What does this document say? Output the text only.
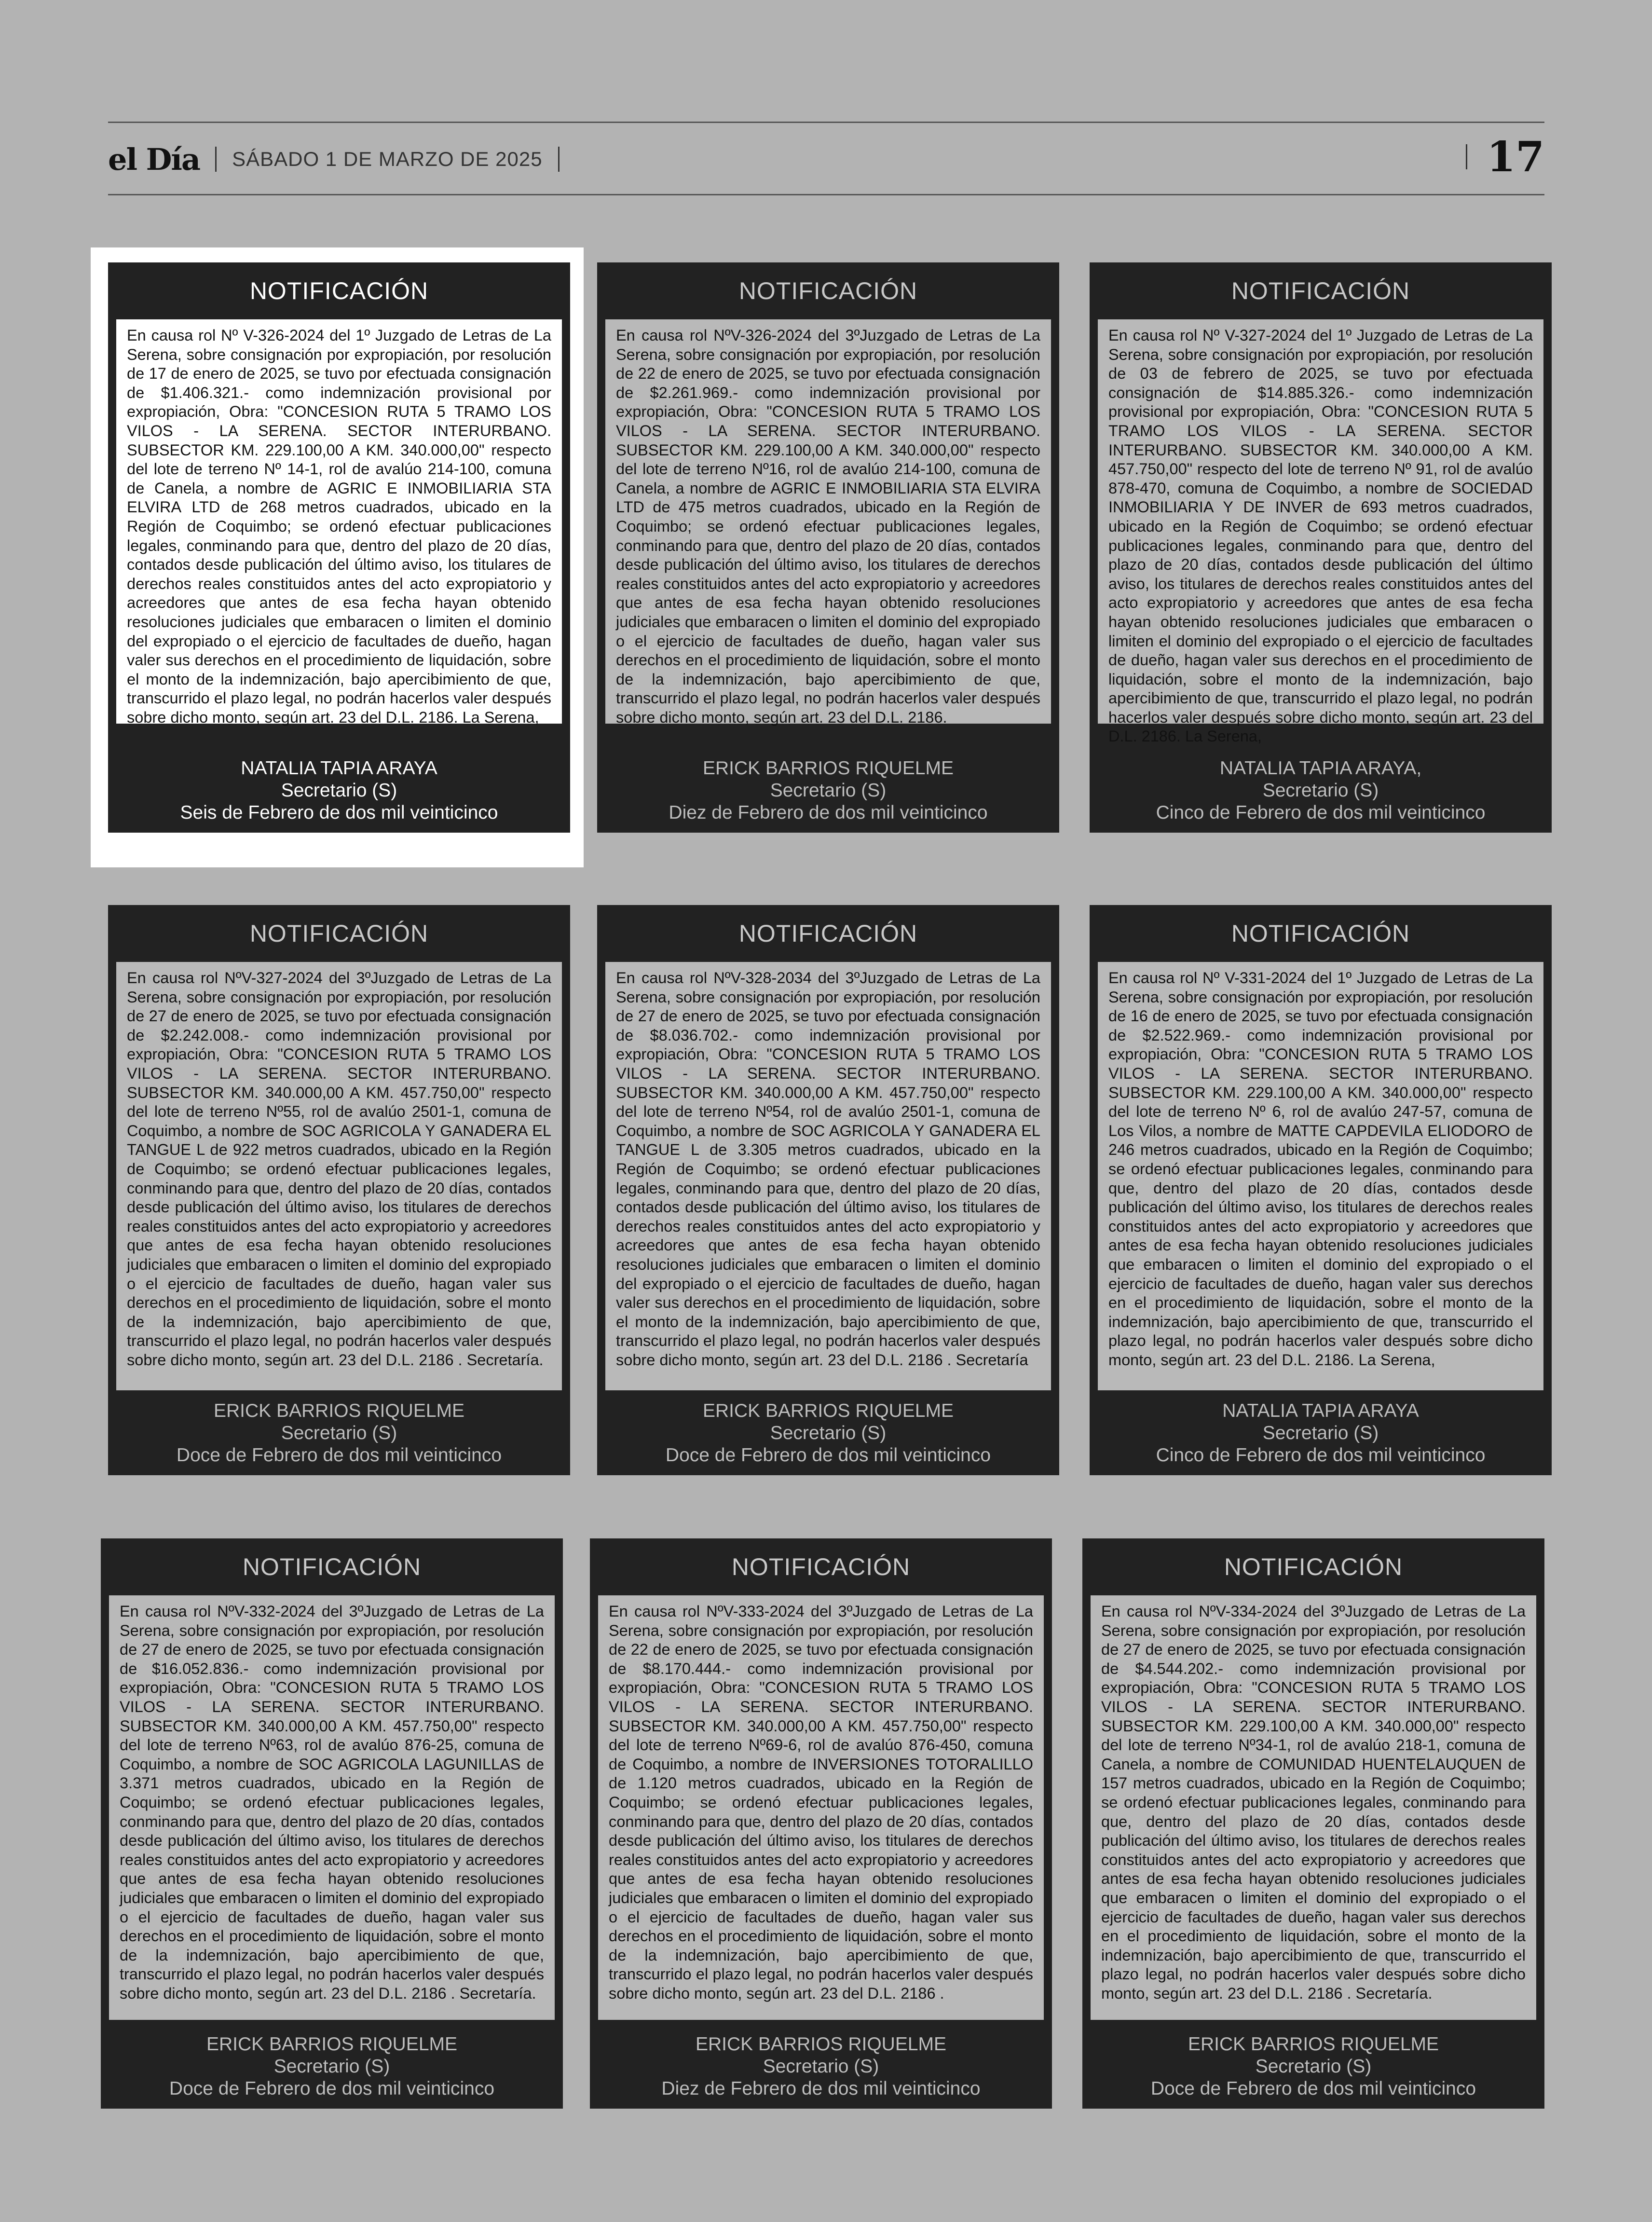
el Día SÁBADO 1 DE MARZO DE 2025	17
NOTIFICACIÓN
En causa rol Nº V-326-2024 del 1º Juzgado de Letras de La Serena, sobre consignación por expropiación, por resolución de 17 de enero de 2025, se tuvo por efectuada consignación de $1.406.321.- como indemnización provisional por expropiación, Obra: "CONCESION RUTA 5 TRAMO LOS VILOS - LA SERENA. SECTOR INTERURBANO. SUBSECTOR KM. 229.100,00 A KM. 340.000,00" respecto del lote de terreno Nº 14-1, rol de avalúo 214-100, comuna de Canela, a nombre de AGRIC E INMOBILIARIA STA ELVIRA LTD de 268 metros cuadrados, ubicado en la Región de Coquimbo; se ordenó efectuar publicaciones legales, conminando para que, dentro del plazo de 20 días, contados desde publicación del último aviso, los titulares de derechos reales constituidos antes del acto expropiatorio y acreedores que antes de esa fecha hayan obtenido resoluciones judiciales que embaracen o limiten el dominio del expropiado o el ejercicio de facultades de dueño, hagan valer sus derechos en el procedimiento de liquidación, sobre el monto de la indemnización, bajo apercibimiento de que, transcurrido el plazo legal, no podrán hacerlos valer después sobre dicho monto, según art. 23 del D.L. 2186. La Serena,
NATALIA TAPIA ARAYA
Secretario (S)
Seis de Febrero de dos mil veinticinco
NOTIFICACIÓN
En causa rol NºV-326-2024 del 3ºJuzgado de Letras de La Serena, sobre consignación por expropiación, por resolución de 22 de enero de 2025, se tuvo por efectuada consignación de $2.261.969.- como indemnización provisional por expropiación, Obra: "CONCESION RUTA 5 TRAMO LOS VILOS - LA SERENA. SECTOR INTERURBANO. SUBSECTOR KM. 229.100,00 A KM. 340.000,00" respecto del lote de terreno Nº16, rol de avalúo 214-100, comuna de Canela, a nombre de AGRIC E INMOBILIARIA STA ELVIRA LTD de 475 metros cuadrados, ubicado en la Región de Coquimbo; se ordenó efectuar publicaciones legales, conminando para que, dentro del plazo de 20 días, contados desde publicación del último aviso, los titulares de derechos reales constituidos antes del acto expropiatorio y acreedores que antes de esa fecha hayan obtenido resoluciones judiciales que embaracen o limiten el dominio del expropiado o el ejercicio de facultades de dueño, hagan valer sus derechos en el procedimiento de liquidación, sobre el monto de la indemnización, bajo apercibimiento de que, transcurrido el plazo legal, no podrán hacerlos valer después sobre dicho monto, según art. 23 del D.L. 2186.
ERICK BARRIOS RIQUELME
Secretario (S)
Diez de Febrero de dos mil veinticinco
NOTIFICACIÓN
En causa rol Nº V-327-2024 del 1º Juzgado de Letras de La Serena, sobre consignación por expropiación, por resolución de 03 de febrero de 2025, se tuvo por efectuada consignación de $14.885.326.- como indemnización provisional por expropiación, Obra: "CONCESION RUTA 5 TRAMO LOS VILOS - LA SERENA. SECTOR INTERURBANO. SUBSECTOR KM. 340.000,00 A KM. 457.750,00" respecto del lote de terreno Nº 91, rol de avalúo 878-470, comuna de Coquimbo, a nombre de SOCIEDAD INMOBILIARIA Y DE INVER de 693 metros cuadrados, ubicado en la Región de Coquimbo; se ordenó efectuar publicaciones legales, conminando para que, dentro del plazo de 20 días, contados desde publicación del último aviso, los titulares de derechos reales constituidos antes del acto expropiatorio y acreedores que antes de esa fecha hayan obtenido resoluciones judiciales que embaracen o limiten el dominio del expropiado o el ejercicio de facultades de dueño, hagan valer sus derechos en el procedimiento de liquidación, sobre el monto de la indemnización, bajo apercibimiento de que, transcurrido el plazo legal, no podrán hacerlos valer después sobre dicho monto, según art. 23 del D.L. 2186. La Serena,
NATALIA TAPIA ARAYA,
Secretario (S)
Cinco de Febrero de dos mil veinticinco
NOTIFICACIÓN
En causa rol NºV-327-2024 del 3ºJuzgado de Letras de La Serena, sobre consignación por expropiación, por resolución de 27 de enero de 2025, se tuvo por efectuada consignación de $2.242.008.- como indemnización provisional por expropiación, Obra: "CONCESION RUTA 5 TRAMO LOS VILOS - LA SERENA. SECTOR INTERURBANO. SUBSECTOR KM. 340.000,00 A KM. 457.750,00" respecto del lote de terreno Nº55, rol de avalúo 2501-1, comuna de Coquimbo, a nombre de SOC AGRICOLA Y GANADERA EL TANGUE L de 922 metros cuadrados, ubicado en la Región de Coquimbo; se ordenó efectuar publicaciones legales, conminando para que, dentro del plazo de 20 días, contados desde publicación del último aviso, los titulares de derechos reales constituidos antes del acto expropiatorio y acreedores que antes de esa fecha hayan obtenido resoluciones judiciales que embaracen o limiten el dominio del expropiado o el ejercicio de facultades de dueño, hagan valer sus derechos en el procedimiento de liquidación, sobre el monto de la indemnización, bajo apercibimiento de que, transcurrido el plazo legal, no podrán hacerlos valer después sobre dicho monto, según art. 23 del D.L. 2186 . Secretaría.
ERICK BARRIOS RIQUELME
Secretario (S)
Doce de Febrero de dos mil veinticinco
NOTIFICACIÓN
En causa rol NºV-328-2034 del 3ºJuzgado de Letras de La Serena, sobre consignación por expropiación, por resolución de 27 de enero de 2025, se tuvo por efectuada consignación de $8.036.702.- como indemnización provisional por expropiación, Obra: "CONCESION RUTA 5 TRAMO LOS VILOS - LA SERENA. SECTOR INTERURBANO. SUBSECTOR KM. 340.000,00 A KM. 457.750,00" respecto del lote de terreno Nº54, rol de avalúo 2501-1, comuna de Coquimbo, a nombre de SOC AGRICOLA Y GANADERA EL TANGUE L de 3.305 metros cuadrados, ubicado en la Región de Coquimbo; se ordenó efectuar publicaciones legales, conminando para que, dentro del plazo de 20 días, contados desde publicación del último aviso, los titulares de derechos reales constituidos antes del acto expropiatorio y acreedores que antes de esa fecha hayan obtenido resoluciones judiciales que embaracen o limiten el dominio del expropiado o el ejercicio de facultades de dueño, hagan valer sus derechos en el procedimiento de liquidación, sobre el monto de la indemnización, bajo apercibimiento de que, transcurrido el plazo legal, no podrán hacerlos valer después sobre dicho monto, según art. 23 del D.L. 2186 . Secretaría
ERICK BARRIOS RIQUELME
Secretario (S)
Doce de Febrero de dos mil veinticinco
NOTIFICACIÓN
En causa rol Nº V-331-2024 del 1º Juzgado de Letras de La Serena, sobre consignación por expropiación, por resolución de 16 de enero de 2025, se tuvo por efectuada consignación de $2.522.969.- como indemnización provisional por expropiación, Obra: "CONCESION RUTA 5 TRAMO LOS VILOS - LA SERENA. SECTOR INTERURBANO. SUBSECTOR KM. 229.100,00 A KM. 340.000,00" respecto del lote de terreno Nº 6, rol de avalúo 247-57, comuna de Los Vilos, a nombre de MATTE CAPDEVILA ELIODORO de 246 metros cuadrados, ubicado en la Región de Coquimbo; se ordenó efectuar publicaciones legales, conminando para que, dentro del plazo de 20 días, contados desde publicación del último aviso, los titulares de derechos reales constituidos antes del acto expropiatorio y acreedores que antes de esa fecha hayan obtenido resoluciones judiciales que embaracen o limiten el dominio del expropiado o el ejercicio de facultades de dueño, hagan valer sus derechos en el procedimiento de liquidación, sobre el monto de la indemnización, bajo apercibimiento de que, transcurrido el plazo legal, no podrán hacerlos valer después sobre dicho monto, según art. 23 del D.L. 2186. La Serena,
NATALIA TAPIA ARAYA
Secretario (S)
Cinco de Febrero de dos mil veinticinco
NOTIFICACIÓN
En causa rol NºV-332-2024 del 3ºJuzgado de Letras de La Serena, sobre consignación por expropiación, por resolución de 27 de enero de 2025, se tuvo por efectuada consignación de $16.052.836.- como indemnización provisional por expropiación, Obra: "CONCESION RUTA 5 TRAMO LOS VILOS - LA SERENA. SECTOR INTERURBANO. SUBSECTOR KM. 340.000,00 A KM. 457.750,00" respecto del lote de terreno Nº63, rol de avalúo 876-25, comuna de Coquimbo, a nombre de SOC AGRICOLA LAGUNILLAS de 3.371 metros cuadrados, ubicado en la Región de Coquimbo; se ordenó efectuar publicaciones legales, conminando para que, dentro del plazo de 20 días, contados desde publicación del último aviso, los titulares de derechos reales constituidos antes del acto expropiatorio y acreedores que antes de esa fecha hayan obtenido resoluciones judiciales que embaracen o limiten el dominio del expropiado o el ejercicio de facultades de dueño, hagan valer sus derechos en el procedimiento de liquidación, sobre el monto de la indemnización, bajo apercibimiento de que, transcurrido el plazo legal, no podrán hacerlos valer después sobre dicho monto, según art. 23 del D.L. 2186 . Secretaría.
ERICK BARRIOS RIQUELME
Secretario (S)
Doce de Febrero de dos mil veinticinco
NOTIFICACIÓN
En causa rol NºV-333-2024 del 3ºJuzgado de Letras de La Serena, sobre consignación por expropiación, por resolución de 22 de enero de 2025, se tuvo por efectuada consignación de $8.170.444.- como indemnización provisional por expropiación, Obra: "CONCESION RUTA 5 TRAMO LOS VILOS - LA SERENA. SECTOR INTERURBANO. SUBSECTOR KM. 340.000,00 A KM. 457.750,00" respecto del lote de terreno Nº69-6, rol de avalúo 876-450, comuna de Coquimbo, a nombre de INVERSIONES TOTORALILLO de 1.120 metros cuadrados, ubicado en la Región de Coquimbo; se ordenó efectuar publicaciones legales, conminando para que, dentro del plazo de 20 días, contados desde publicación del último aviso, los titulares de derechos reales constituidos antes del acto expropiatorio y acreedores que antes de esa fecha hayan obtenido resoluciones judiciales que embaracen o limiten el dominio del expropiado o el ejercicio de facultades de dueño, hagan valer sus derechos en el procedimiento de liquidación, sobre el monto de la indemnización, bajo apercibimiento de que, transcurrido el plazo legal, no podrán hacerlos valer después sobre dicho monto, según art. 23 del D.L. 2186 .
ERICK BARRIOS RIQUELME
Secretario (S)
Diez de Febrero de dos mil veinticinco
NOTIFICACIÓN
En causa rol NºV-334-2024 del 3ºJuzgado de Letras de La Serena, sobre consignación por expropiación, por resolución de 27 de enero de 2025, se tuvo por efectuada consignación de $4.544.202.- como indemnización provisional por expropiación, Obra: "CONCESION RUTA 5 TRAMO LOS VILOS - LA SERENA. SECTOR INTERURBANO. SUBSECTOR KM. 229.100,00 A KM. 340.000,00" respecto del lote de terreno Nº34-1, rol de avalúo 218-1, comuna de Canela, a nombre de COMUNIDAD HUENTELAUQUEN de 157 metros cuadrados, ubicado en la Región de Coquimbo; se ordenó efectuar publicaciones legales, conminando para que, dentro del plazo de 20 días, contados desde publicación del último aviso, los titulares de derechos reales constituidos antes del acto expropiatorio y acreedores que antes de esa fecha hayan obtenido resoluciones judiciales que embaracen o limiten el dominio del expropiado o el ejercicio de facultades de dueño, hagan valer sus derechos en el procedimiento de liquidación, sobre el monto de la indemnización, bajo apercibimiento de que, transcurrido el plazo legal, no podrán hacerlos valer después sobre dicho monto, según art. 23 del D.L. 2186 . Secretaría.
ERICK BARRIOS RIQUELME
Secretario (S)
Doce de Febrero de dos mil veinticinco
